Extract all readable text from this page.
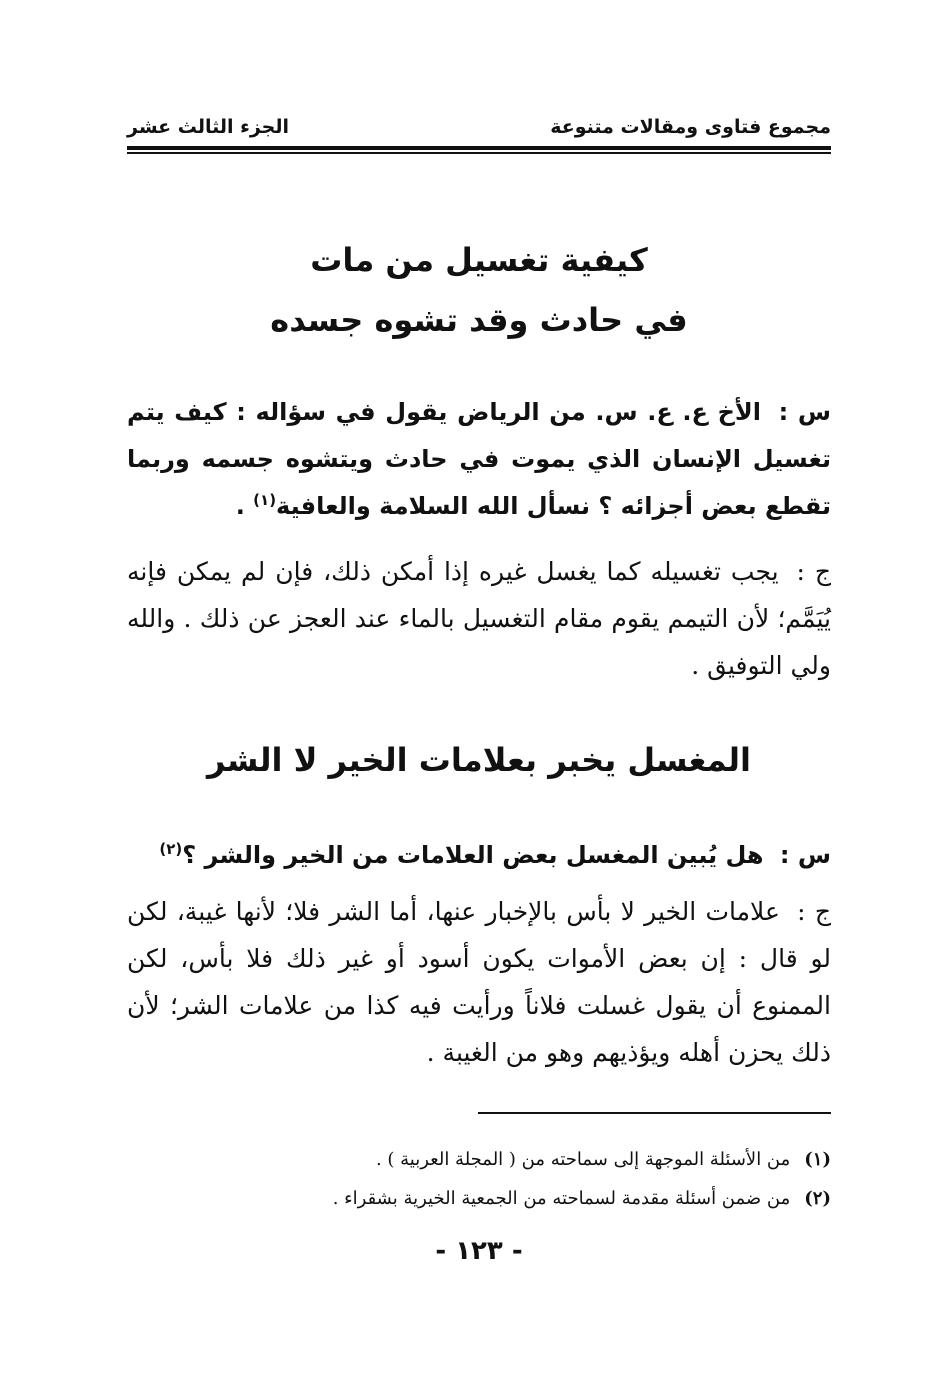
مجموع فتاوى ومقالات متنوعة
الجزء الثالث عشر
كيفية تغسيل من مات
في حادث وقد تشوه جسده

س : الأخ ع. ع. س. من الرياض يقول في سؤاله : كيف يتم تغسيل الإنسان الذي يموت في حادث ويتشوه جسمه وربما تقطع بعض أجزائه ؟ نسأل الله السلامة والعافية$^{(١)}$ .

ج : يجب تغسيله كما يغسل غيره إذا أمكن ذلك، فإن لم يمكن فإنه يُيَمَّم؛ لأن التيمم يقوم مقام التغسيل بالماء عند العجز عن ذلك . والله ولي التوفيق .

المغسل يخبر بعلامات الخير لا الشر

س : هل يُبين المغسل بعض العلامات من الخير والشر ؟$^{(٢)}$

ج : علامات الخير لا بأس بالإخبار عنها، أما الشر فلا؛ لأنها غيبة، لكن لو قال : إن بعض الأموات يكون أسود أو غير ذلك فلا بأس، لكن الممنوع أن يقول غسلت فلاناً ورأيت فيه كذا من علامات الشر؛ لأن ذلك يحزن أهله ويؤذيهم وهو من الغيبة .

(١)
من الأسئلة الموجهة إلى سماحته من ( المجلة العربية ) .
(٢)
من ضمن أسئلة مقدمة لسماحته من الجمعية الخيرية بشقراء .
- ١٢٣ -
